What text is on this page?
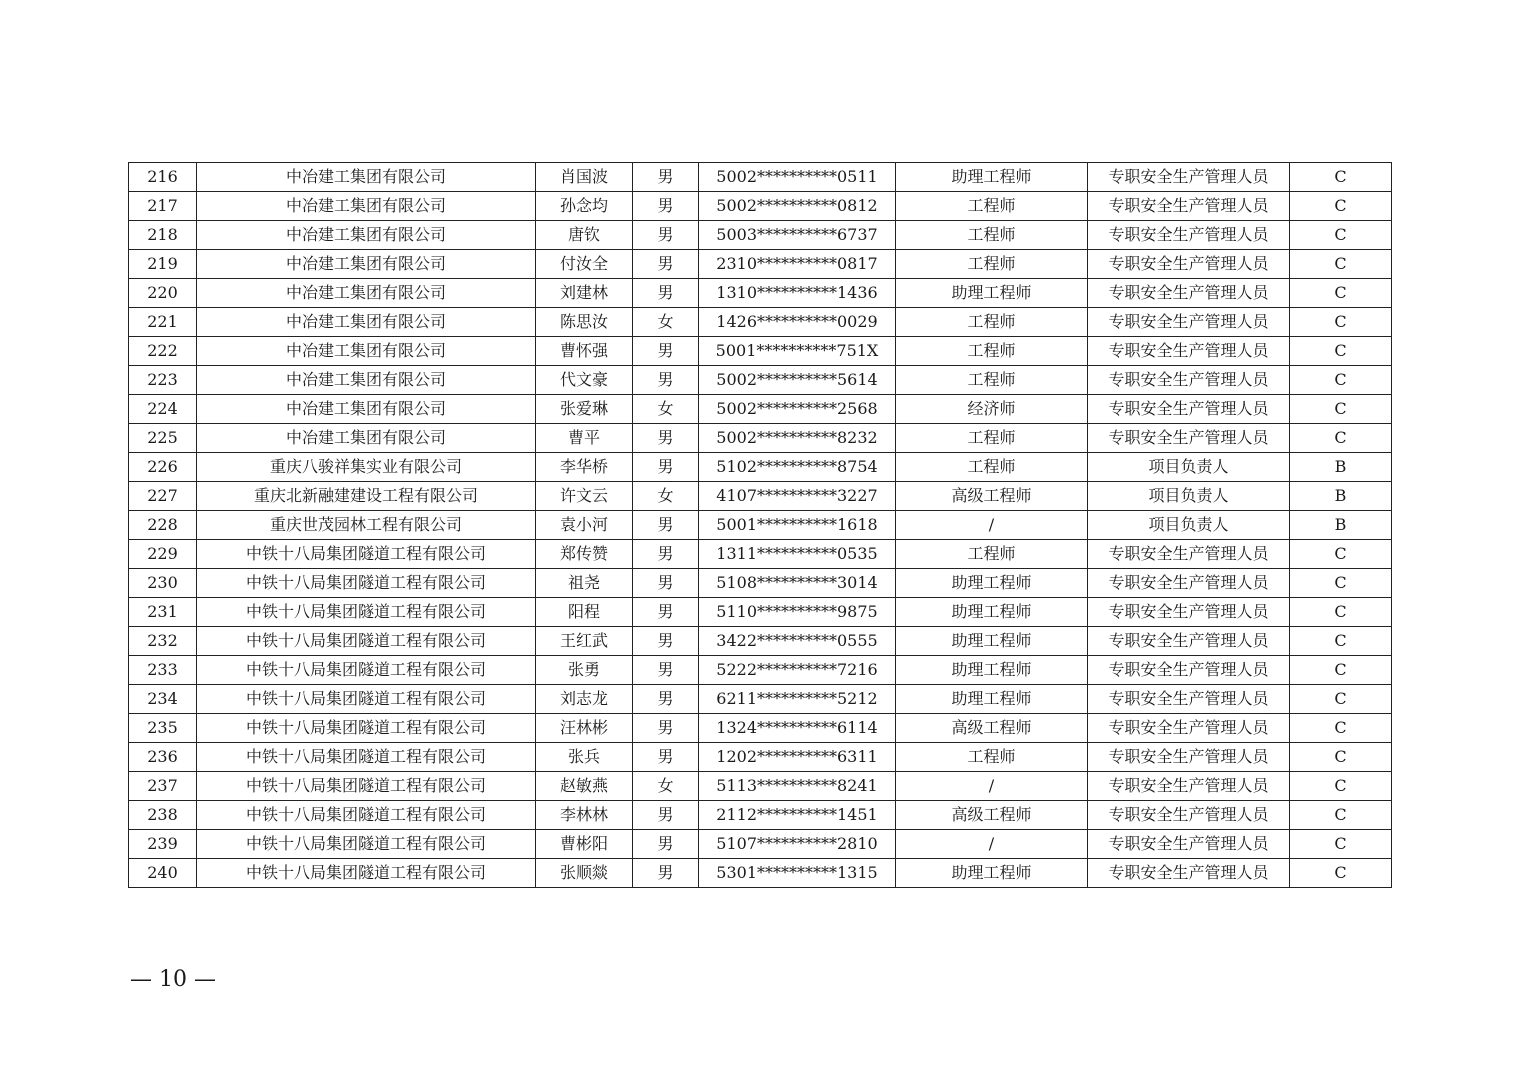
216	中冶建工集团有限公司	肖国波	男	5002**********0511	助理工程师	专职安全生产管理人员	C
217	中冶建工集团有限公司	孙念均	男	5002**********0812	工程师	专职安全生产管理人员	C
218	中冶建工集团有限公司	唐钦	男	5003**********6737	工程师	专职安全生产管理人员	C
219	中冶建工集团有限公司	付汝全	男	2310**********0817	工程师	专职安全生产管理人员	C
220	中冶建工集团有限公司	刘建林	男	1310**********1436	助理工程师	专职安全生产管理人员	C
221	中冶建工集团有限公司	陈思汝	女	1426**********0029	工程师	专职安全生产管理人员	C
222	中冶建工集团有限公司	曹怀强	男	5001**********751X	工程师	专职安全生产管理人员	C
223	中冶建工集团有限公司	代文豪	男	5002**********5614	工程师	专职安全生产管理人员	C
224	中冶建工集团有限公司	张爱琳	女	5002**********2568	经济师	专职安全生产管理人员	C
225	中冶建工集团有限公司	曹平	男	5002**********8232	工程师	专职安全生产管理人员	C
226	重庆八骏祥集实业有限公司	李华桥	男	5102**********8754	工程师	项目负责人	B
227	重庆北新融建建设工程有限公司	许文云	女	4107**********3227	高级工程师	项目负责人	B
228	重庆世茂园林工程有限公司	袁小河	男	5001**********1618	/	项目负责人	B
229	中铁十八局集团隧道工程有限公司	郑传赞	男	1311**********0535	工程师	专职安全生产管理人员	C
230	中铁十八局集团隧道工程有限公司	祖尧	男	5108**********3014	助理工程师	专职安全生产管理人员	C
231	中铁十八局集团隧道工程有限公司	阳程	男	5110**********9875	助理工程师	专职安全生产管理人员	C
232	中铁十八局集团隧道工程有限公司	王红武	男	3422**********0555	助理工程师	专职安全生产管理人员	C
233	中铁十八局集团隧道工程有限公司	张勇	男	5222**********7216	助理工程师	专职安全生产管理人员	C
234	中铁十八局集团隧道工程有限公司	刘志龙	男	6211**********5212	助理工程师	专职安全生产管理人员	C
235	中铁十八局集团隧道工程有限公司	汪林彬	男	1324**********6114	高级工程师	专职安全生产管理人员	C
236	中铁十八局集团隧道工程有限公司	张兵	男	1202**********6311	工程师	专职安全生产管理人员	C
237	中铁十八局集团隧道工程有限公司	赵敏燕	女	5113**********8241	/	专职安全生产管理人员	C
238	中铁十八局集团隧道工程有限公司	李林林	男	2112**********1451	高级工程师	专职安全生产管理人员	C
239	中铁十八局集团隧道工程有限公司	曹彬阳	男	5107**********2810	/	专职安全生产管理人员	C
240	中铁十八局集团隧道工程有限公司	张顺燚	男	5301**********1315	助理工程师	专职安全生产管理人员	C
— 10 —
